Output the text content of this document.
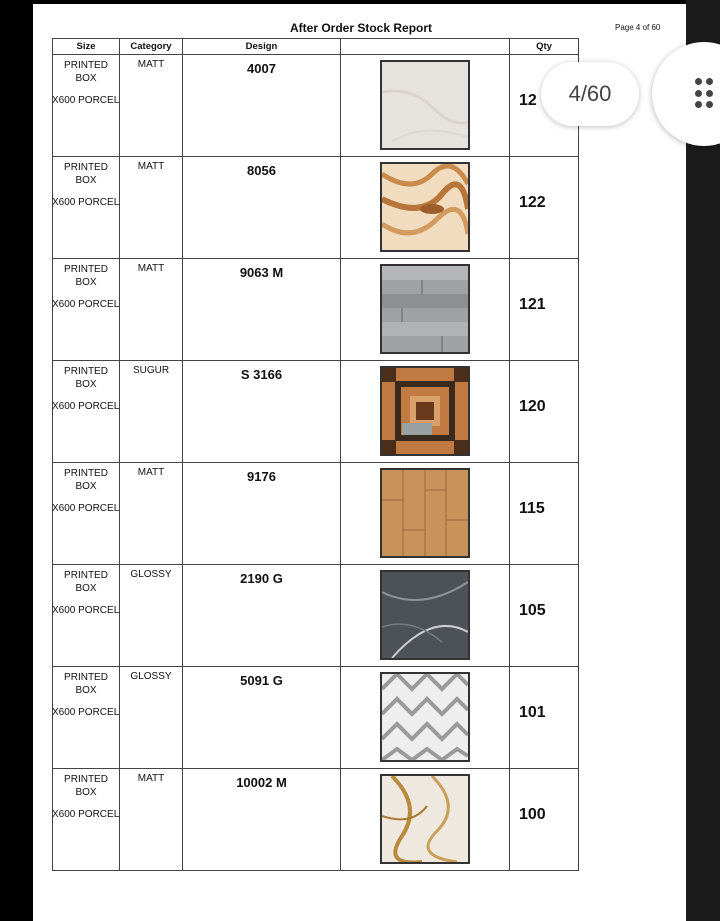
After Order Stock Report	Page 4 of 60
Size	Category	Design		Qty

PRINTED BOX
X600 PORCEL	MATT	4007		12

PRINTED BOX
X600 PORCEL	MATT	8056		122

PRINTED BOX
X600 PORCEL	MATT	9063 M		121

PRINTED BOX
X600 PORCEL	SUGUR	S 3166		120

PRINTED BOX
X600 PORCEL	MATT	9176		115

PRINTED BOX
X600 PORCEL	GLOSSY	2190 G		105

PRINTED BOX
X600 PORCEL	GLOSSY	5091 G		101

PRINTED BOX
X600 PORCEL	MATT	10002 M		100
4/60
